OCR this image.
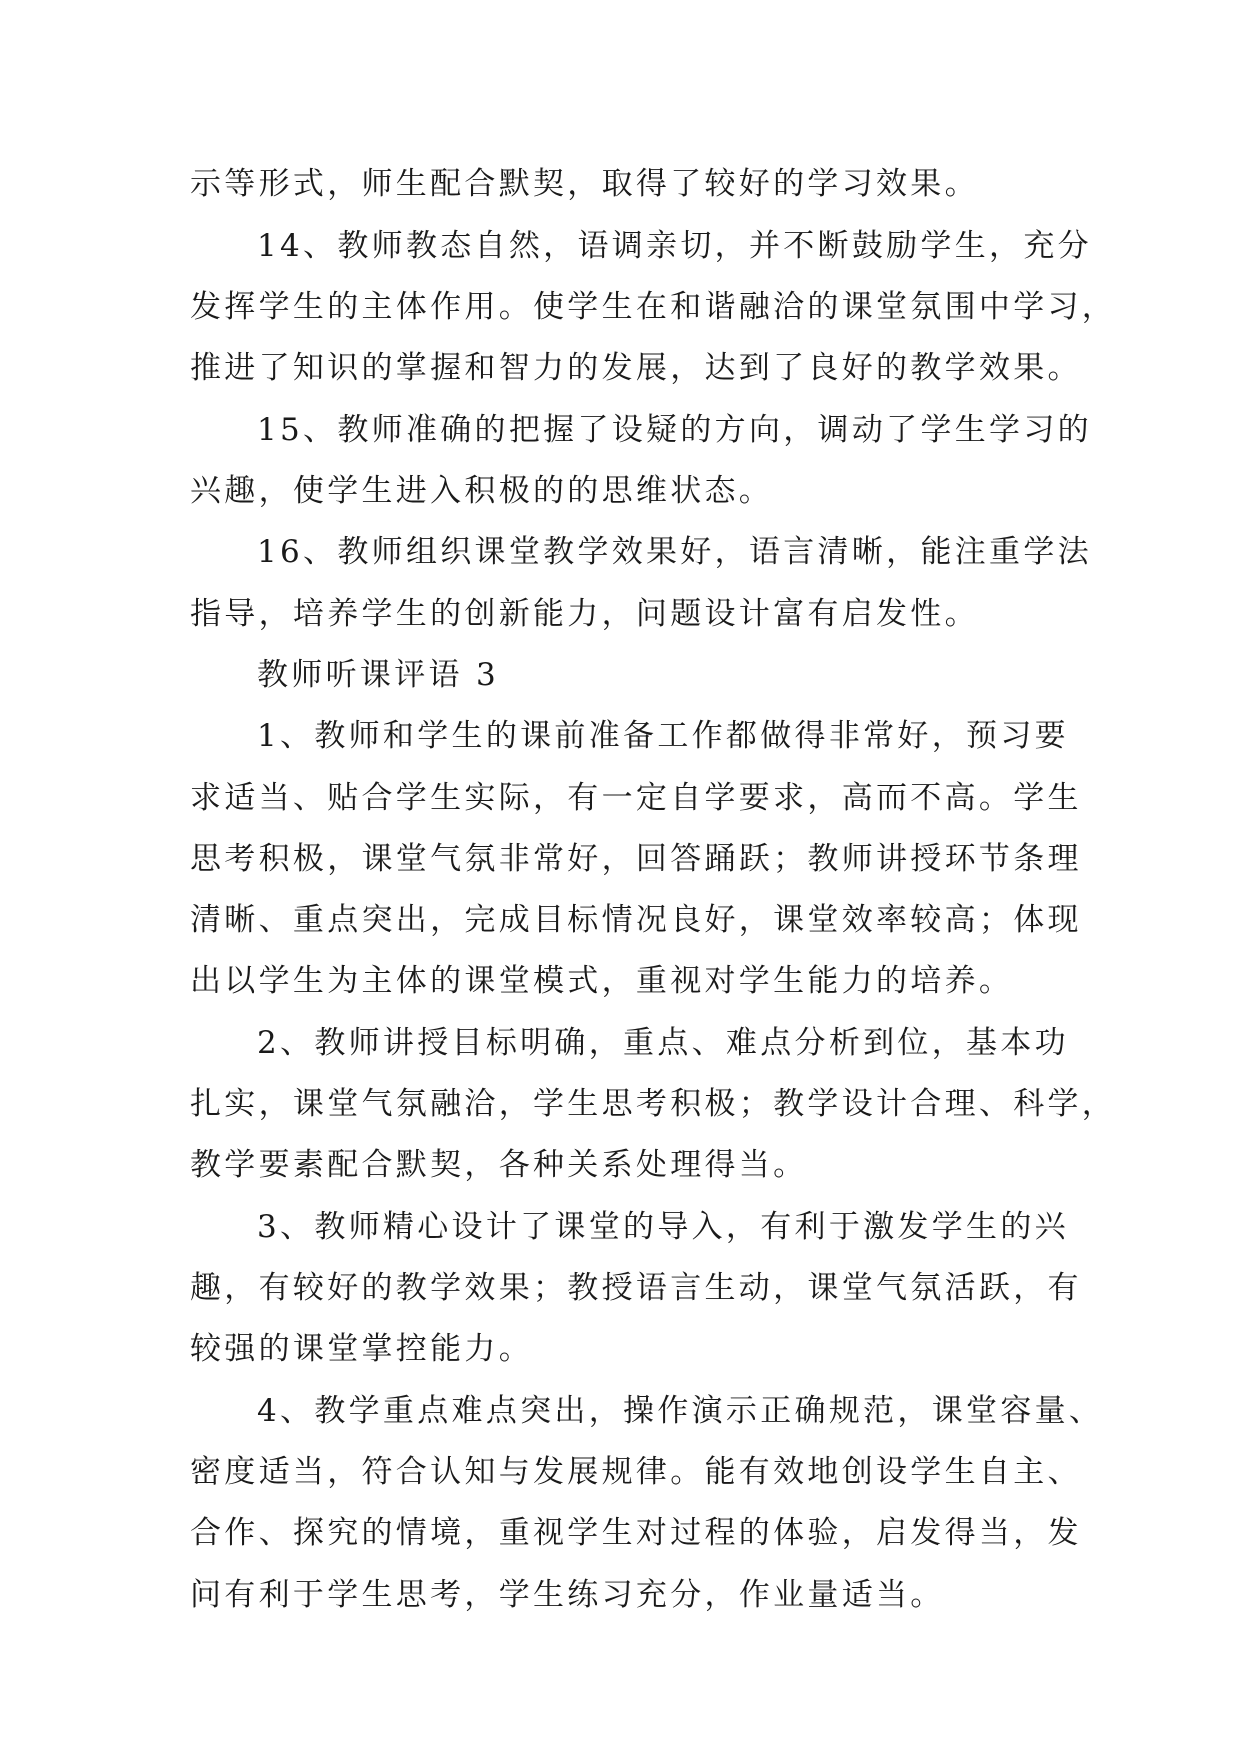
示等形式，师生配合默契，取得了较好的学习效果。
14、教师教态自然，语调亲切，并不断鼓励学生，充分
发挥学生的主体作用。使学生在和谐融洽的课堂氛围中学习，
推进了知识的掌握和智力的发展，达到了良好的教学效果。
15、教师准确的把握了设疑的方向，调动了学生学习的
兴趣，使学生进入积极的的思维状态。
16、教师组织课堂教学效果好，语言清晰，能注重学法
指导，培养学生的创新能力，问题设计富有启发性。
教师听课评语 3
1、教师和学生的课前准备工作都做得非常好，预习要
求适当、贴合学生实际，有一定自学要求，高而不高。学生
思考积极，课堂气氛非常好，回答踊跃；教师讲授环节条理
清晰、重点突出，完成目标情况良好，课堂效率较高；体现
出以学生为主体的课堂模式，重视对学生能力的培养。
2、教师讲授目标明确，重点、难点分析到位，基本功
扎实，课堂气氛融洽，学生思考积极；教学设计合理、科学，
教学要素配合默契，各种关系处理得当。
3、教师精心设计了课堂的导入，有利于激发学生的兴
趣，有较好的教学效果；教授语言生动，课堂气氛活跃，有
较强的课堂掌控能力。
4、教学重点难点突出，操作演示正确规范，课堂容量、
密度适当，符合认知与发展规律。能有效地创设学生自主、
合作、探究的情境，重视学生对过程的体验，启发得当，发
问有利于学生思考，学生练习充分，作业量适当。
